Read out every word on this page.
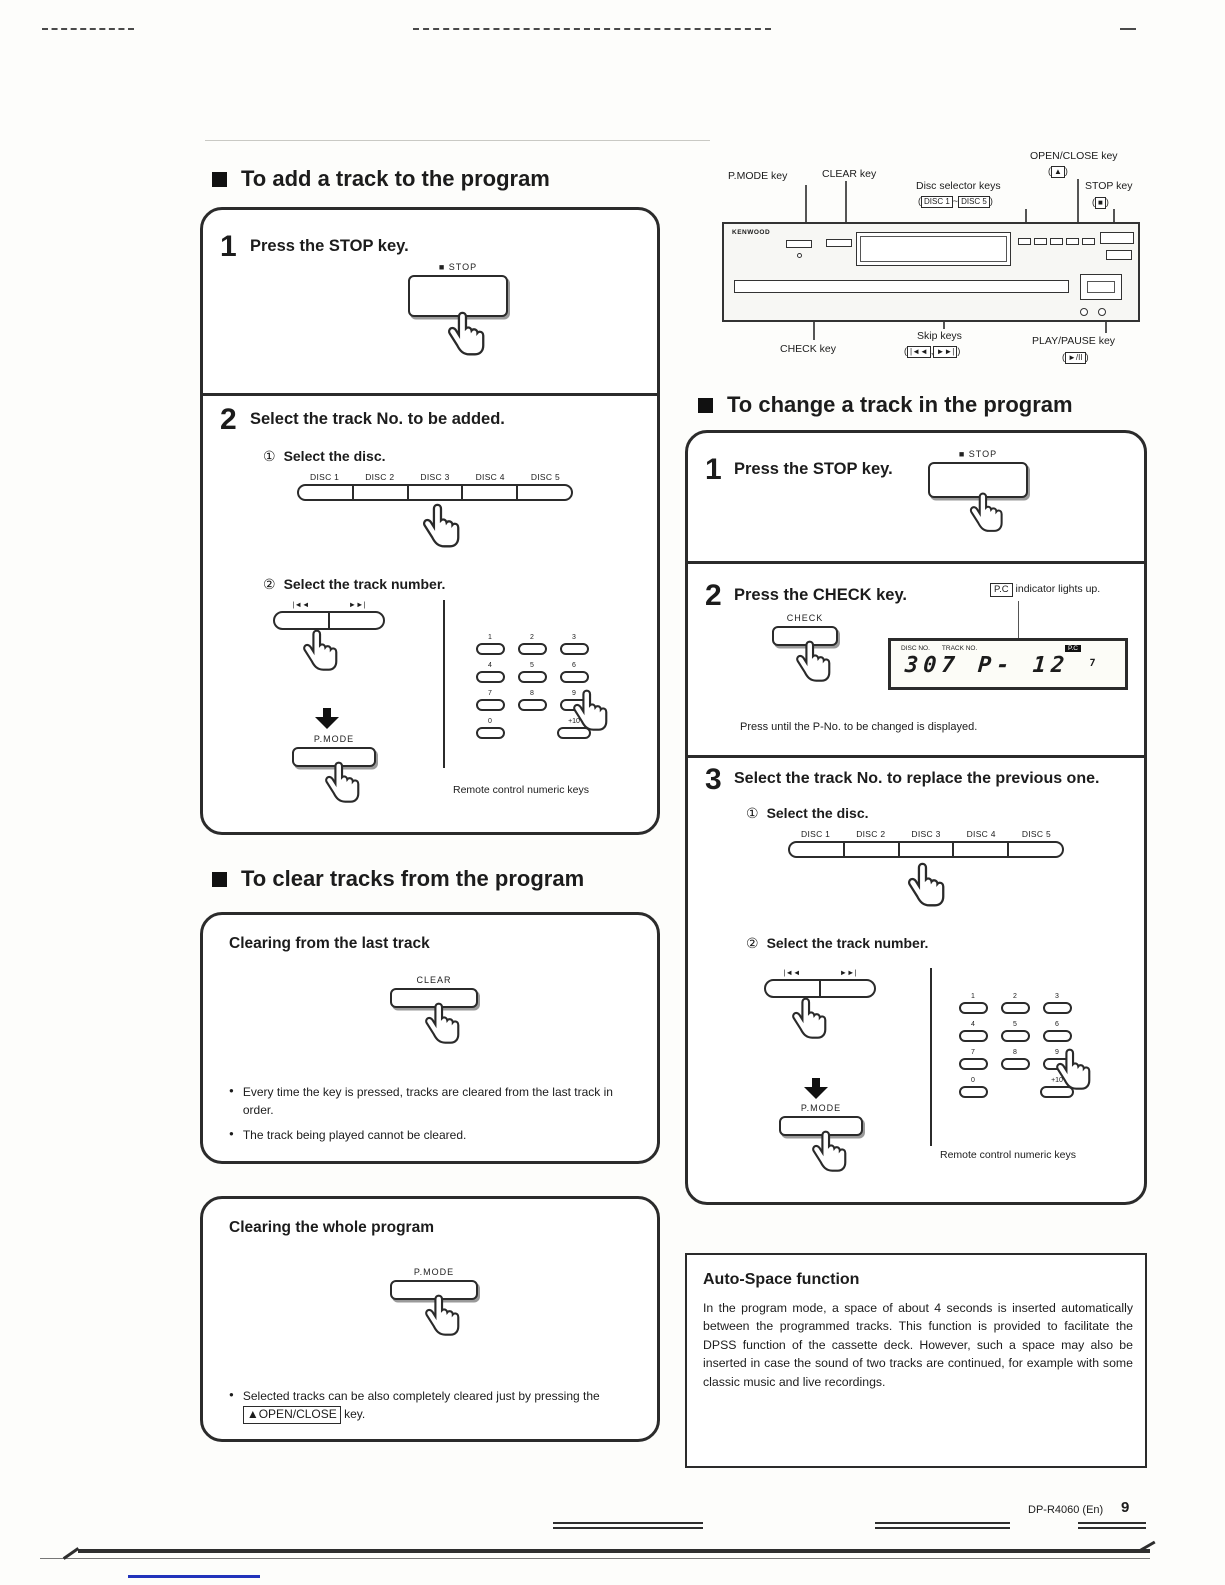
To add a track to the program
1 Press the STOP key.
■ STOP
2 Select the track No. to be added.
① Select the disc.
DISC 1	DISC 2	DISC 3	DISC 4	DISC 5
② Select the track number.
|◄◄	►►|
P.MODE
1	2	3
4	5	6
7	8	9
0	+10
Remote control numeric keys
To clear tracks from the program
Clearing from the last track
CLEAR
● Every time the key is pressed, tracks are cleared from the last track in order.
● The track being played cannot be cleared.
Clearing the whole program
P.MODE
● Selected tracks can be also completely cleared just by pressing the ▲OPEN/CLOSE key.
P.MODE key	CLEAR key
Disc selector keys
( DISC 1 ~ DISC 5 )
OPEN/CLOSE key
( ▲ )
STOP key
( ■ )
KENWOOD
CHECK key
Skip keys
( |◄◄ , ►►| )
PLAY/PAUSE key
( ►/II )
To change a track in the program
1 Press the STOP key.
■ STOP
2 Press the CHECK key.	P.C indicator lights up.
CHECK
DISC NO. TRACK NO.	P.C
307 P- 12 $^7$
Press until the P-No. to be changed is displayed.
3 Select the track No. to replace the previous one.
① Select the disc.
DISC 1	DISC 2	DISC 3	DISC 4	DISC 5
② Select the track number.
|◄◄	►►|
P.MODE
1	2	3
4	5	6
7	8	9
0	+10
Remote control numeric keys
Auto-Space function
In the program mode, a space of about 4 seconds is inserted automatically between the programmed tracks. This function is provided to facilitate the DPSS function of the cassette deck. However, such a space may also be inserted in case the sound of two tracks are continued, for example with some classic music and live recordings.
DP-R4060 (En) 9
